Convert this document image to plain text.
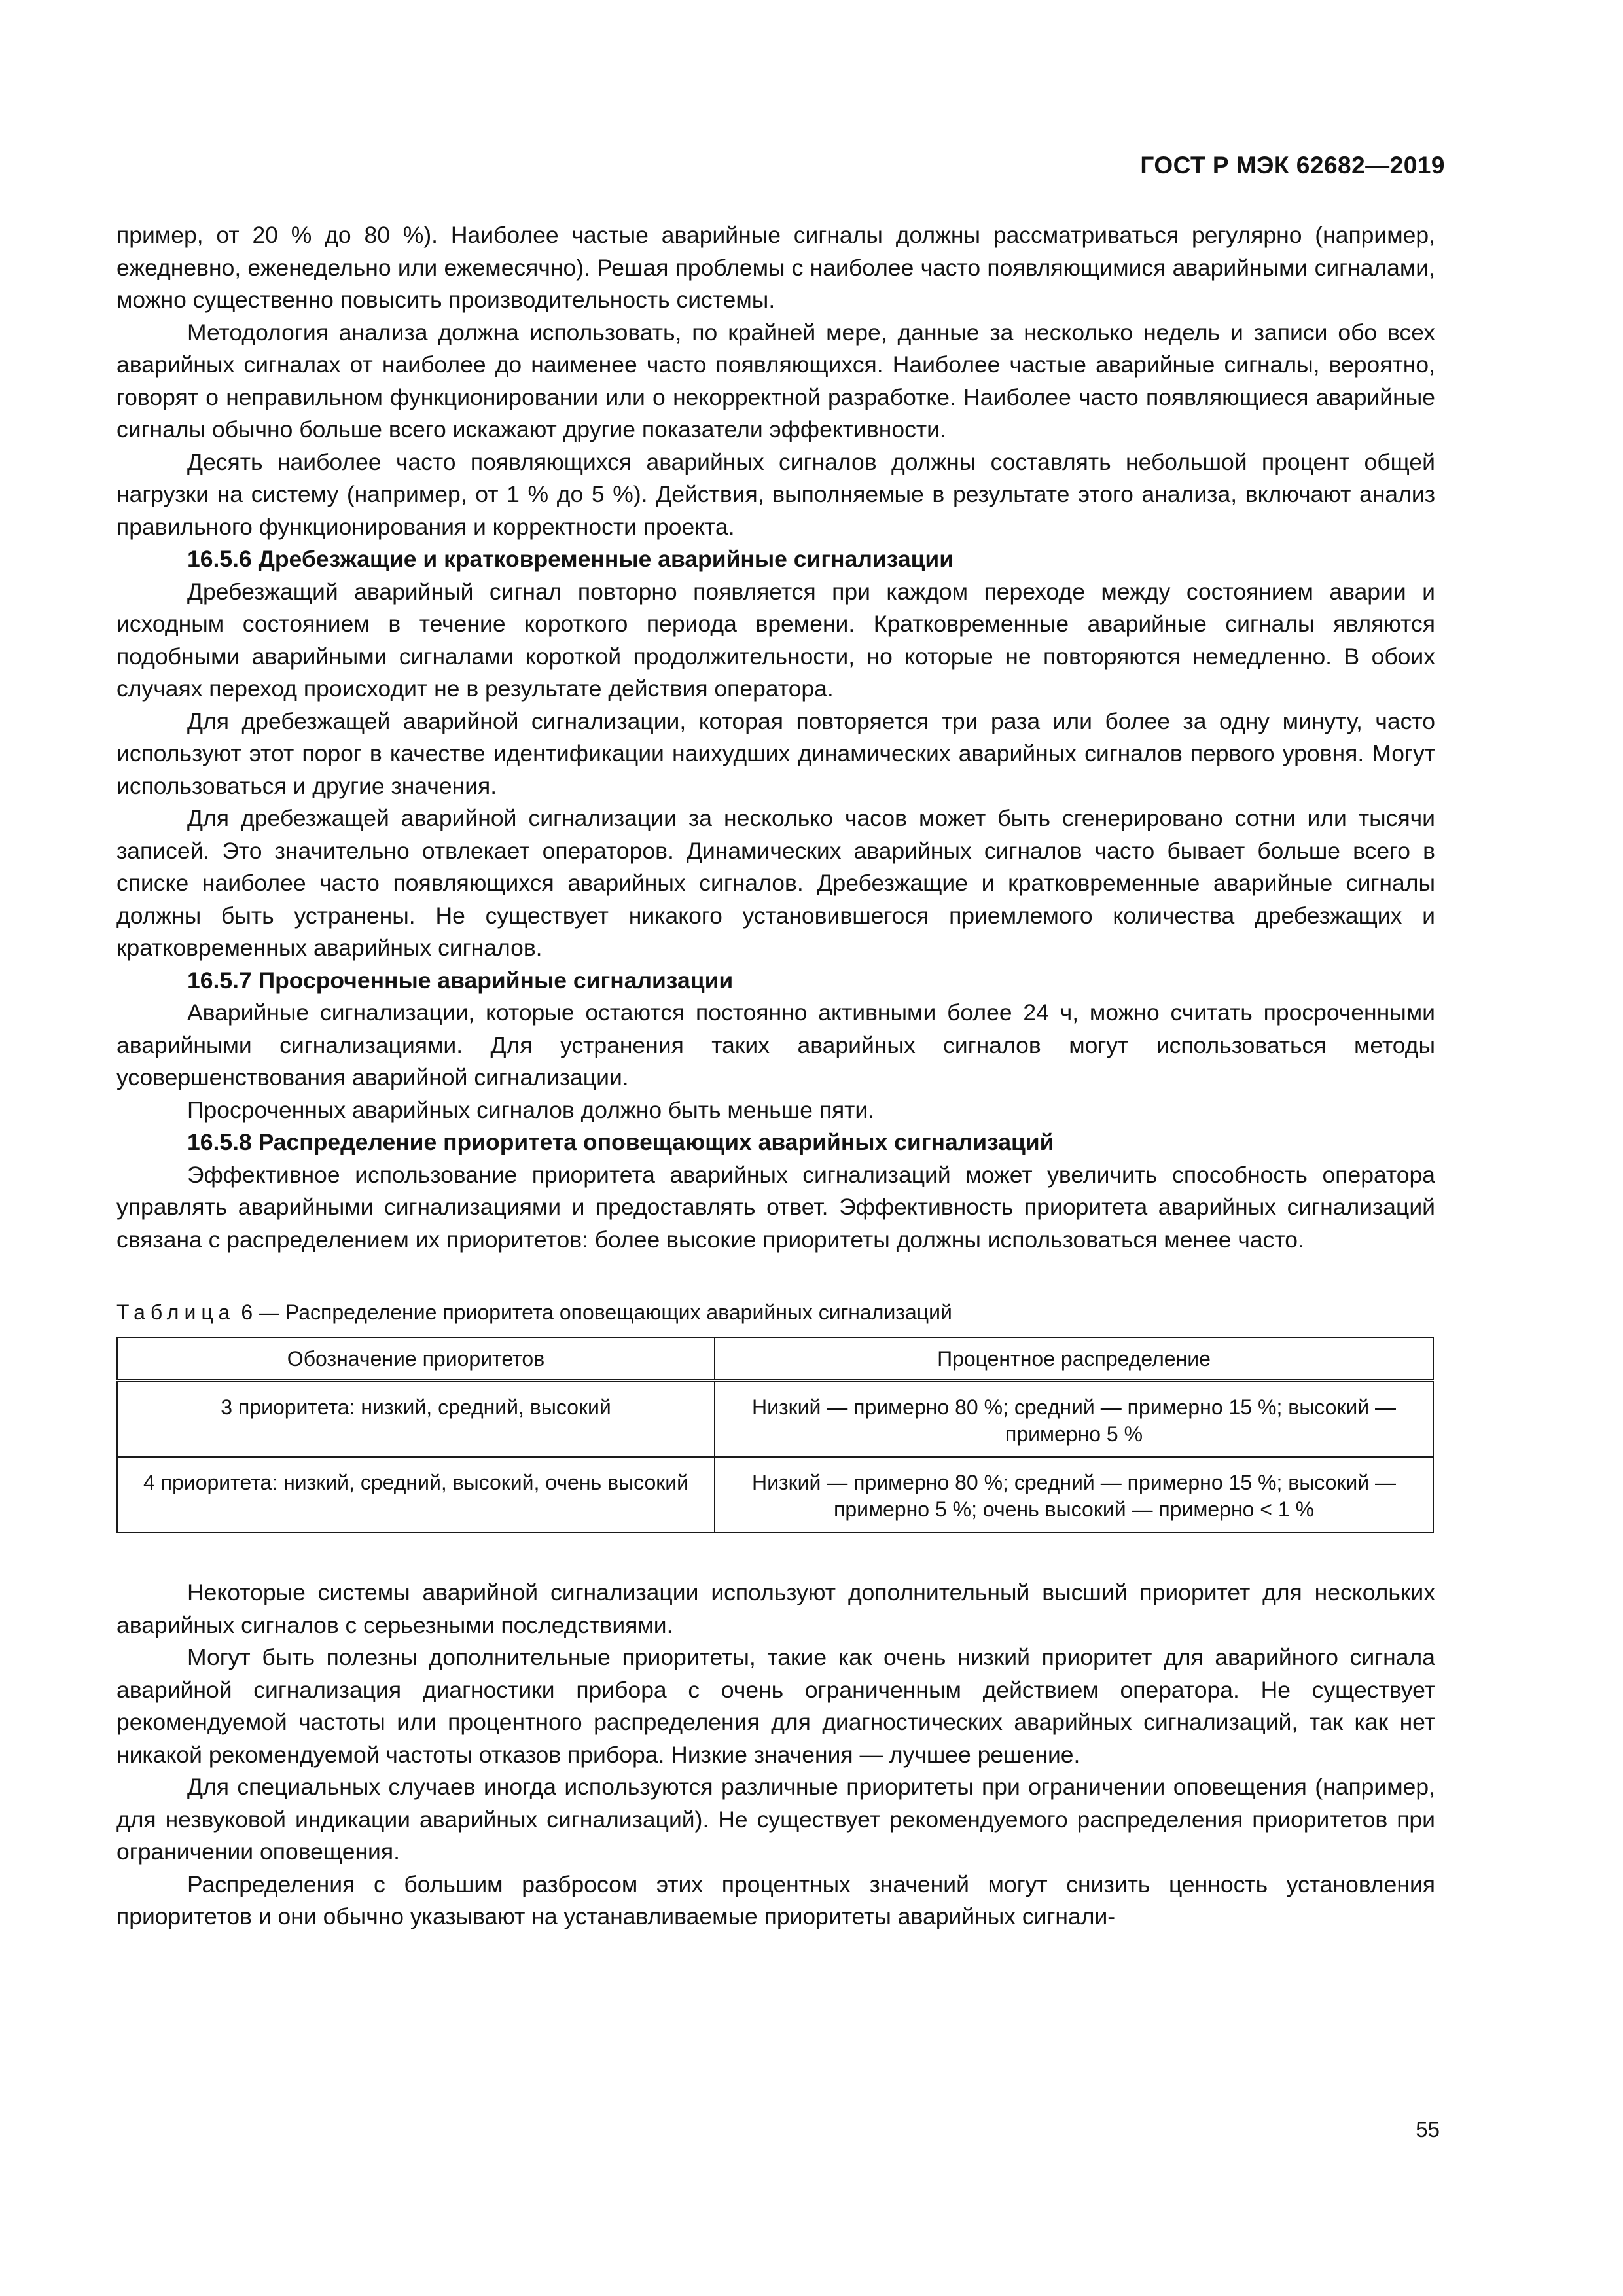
ГОСТ Р МЭК 62682—2019

пример, от 20 % до 80 %). Наиболее частые аварийные сигналы должны рассматриваться регулярно (например, ежедневно, еженедельно или ежемесячно). Решая проблемы с наиболее часто появляющимися аварийными сигналами, можно существенно повысить производительность системы.

Методология анализа должна использовать, по крайней мере, данные за несколько недель и записи обо всех аварийных сигналах от наиболее до наименее часто появляющихся. Наиболее частые аварийные сигналы, вероятно, говорят о неправильном функционировании или о некорректной разработке. Наиболее часто появляющиеся аварийные сигналы обычно больше всего искажают другие показатели эффективности.

Десять наиболее часто появляющихся аварийных сигналов должны составлять небольшой процент общей нагрузки на систему (например, от 1 % до 5 %). Действия, выполняемые в результате этого анализа, включают анализ правильного функционирования и корректности проекта.

16.5.6 Дребезжащие и кратковременные аварийные сигнализации

Дребезжащий аварийный сигнал повторно появляется при каждом переходе между состоянием аварии и исходным состоянием в течение короткого периода времени. Кратковременные аварийные сигналы являются подобными аварийными сигналами короткой продолжительности, но которые не повторяются немедленно. В обоих случаях переход происходит не в результате действия оператора.

Для дребезжащей аварийной сигнализации, которая повторяется три раза или более за одну минуту, часто используют этот порог в качестве идентификации наихудших динамических аварийных сигналов первого уровня. Могут использоваться и другие значения.

Для дребезжащей аварийной сигнализации за несколько часов может быть сгенерировано сотни или тысячи записей. Это значительно отвлекает операторов. Динамических аварийных сигналов часто бывает больше всего в списке наиболее часто появляющихся аварийных сигналов. Дребезжащие и кратковременные аварийные сигналы должны быть устранены. Не существует никакого установившегося приемлемого количества дребезжащих и кратковременных аварийных сигналов.

16.5.7 Просроченные аварийные сигнализации

Аварийные сигнализации, которые остаются постоянно активными более 24 ч, можно считать просроченными аварийными сигнализациями. Для устранения таких аварийных сигналов могут использоваться методы усовершенствования аварийной сигнализации.

Просроченных аварийных сигналов должно быть меньше пяти.

16.5.8 Распределение приоритета оповещающих аварийных сигнализаций

Эффективное использование приоритета аварийных сигнализаций может увеличить способность оператора управлять аварийными сигнализациями и предоставлять ответ. Эффективность приоритета аварийных сигнализаций связана с распределением их приоритетов: более высокие приоритеты должны использоваться менее часто.

Таблица 6 — Распределение приоритета оповещающих аварийных сигнализаций
Обозначение приоритетов	Процентное распределение
3 приоритета: низкий, средний, высокий	Низкий — примерно 80 %; средний — примерно 15 %; высокий — примерно 5 %
4 приоритета: низкий, средний, высокий, очень высокий	Низкий — примерно 80 %; средний — примерно 15 %; высокий — примерно 5 %; очень высокий — примерно < 1 %

Некоторые системы аварийной сигнализации используют дополнительный высший приоритет для нескольких аварийных сигналов с серьезными последствиями.

Могут быть полезны дополнительные приоритеты, такие как очень низкий приоритет для аварийного сигнала аварийной сигнализация диагностики прибора с очень ограниченным действием оператора. Не существует рекомендуемой частоты или процентного распределения для диагностических аварийных сигнализаций, так как нет никакой рекомендуемой частоты отказов прибора. Низкие значения — лучшее решение.

Для специальных случаев иногда используются различные приоритеты при ограничении оповещения (например, для незвуковой индикации аварийных сигнализаций). Не существует рекомендуемого распределения приоритетов при ограничении оповещения.

Распределения с большим разбросом этих процентных значений могут снизить ценность установления приоритетов и они обычно указывают на устанавливаемые приоритеты аварийных сигнали-

55
